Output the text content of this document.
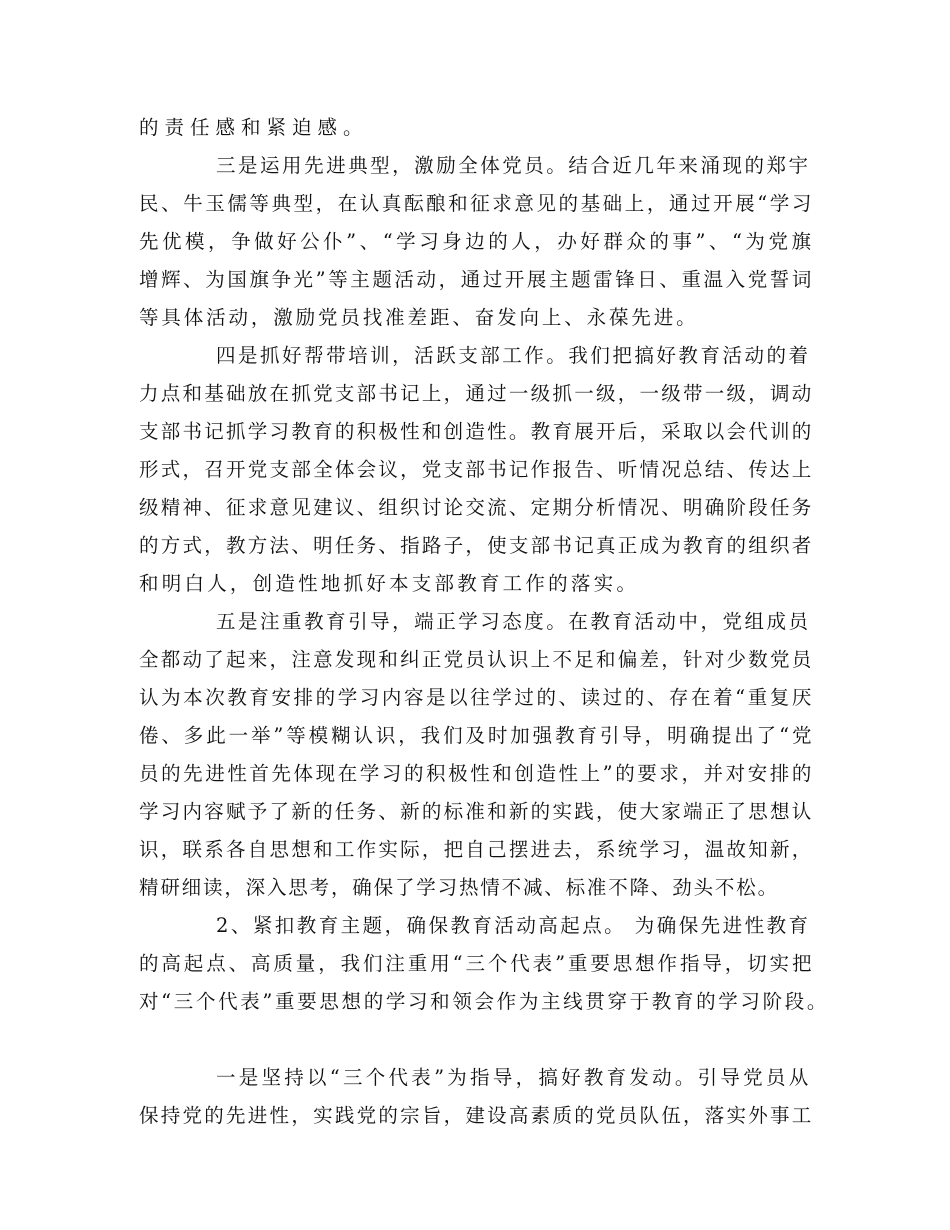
的责任感和紧迫感。
三是运用先进典型，激励全体党员。结合近几年来涌现的郑宇
民、牛玉儒等典型，在认真酝酿和征求意见的基础上，通过开展“学习
先优模，争做好公仆”、“学习身边的人，办好群众的事”、“为党旗
增辉、为国旗争光”等主题活动，通过开展主题雷锋日、重温入党誓词
等具体活动，激励党员找准差距、奋发向上、永葆先进。
四是抓好帮带培训，活跃支部工作。我们把搞好教育活动的着
力点和基础放在抓党支部书记上，通过一级抓一级，一级带一级，调动
支部书记抓学习教育的积极性和创造性。教育展开后，采取以会代训的
形式，召开党支部全体会议，党支部书记作报告、听情况总结、传达上
级精神、征求意见建议、组织讨论交流、定期分析情况、明确阶段任务
的方式，教方法、明任务、指路子，使支部书记真正成为教育的组织者
和明白人，创造性地抓好本支部教育工作的落实。
五是注重教育引导，端正学习态度。在教育活动中，党组成员
全都动了起来，注意发现和纠正党员认识上不足和偏差，针对少数党员
认为本次教育安排的学习内容是以往学过的、读过的、存在着“重复厌
倦、多此一举”等模糊认识，我们及时加强教育引导，明确提出了“党
员的先进性首先体现在学习的积极性和创造性上”的要求，并对安排的
学习内容赋予了新的任务、新的标准和新的实践，使大家端正了思想认
识，联系各自思想和工作实际，把自己摆进去，系统学习，温故知新，
精研细读，深入思考，确保了学习热情不减、标准不降、劲头不松。
2、紧扣教育主题，确保教育活动高起点。 为确保先进性教育
的高起点、高质量，我们注重用“三个代表”重要思想作指导，切实把
对“三个代表”重要思想的学习和领会作为主线贯穿于教育的学习阶段。
一是坚持以“三个代表”为指导，搞好教育发动。引导党员从
保持党的先进性，实践党的宗旨，建设高素质的党员队伍，落实外事工
